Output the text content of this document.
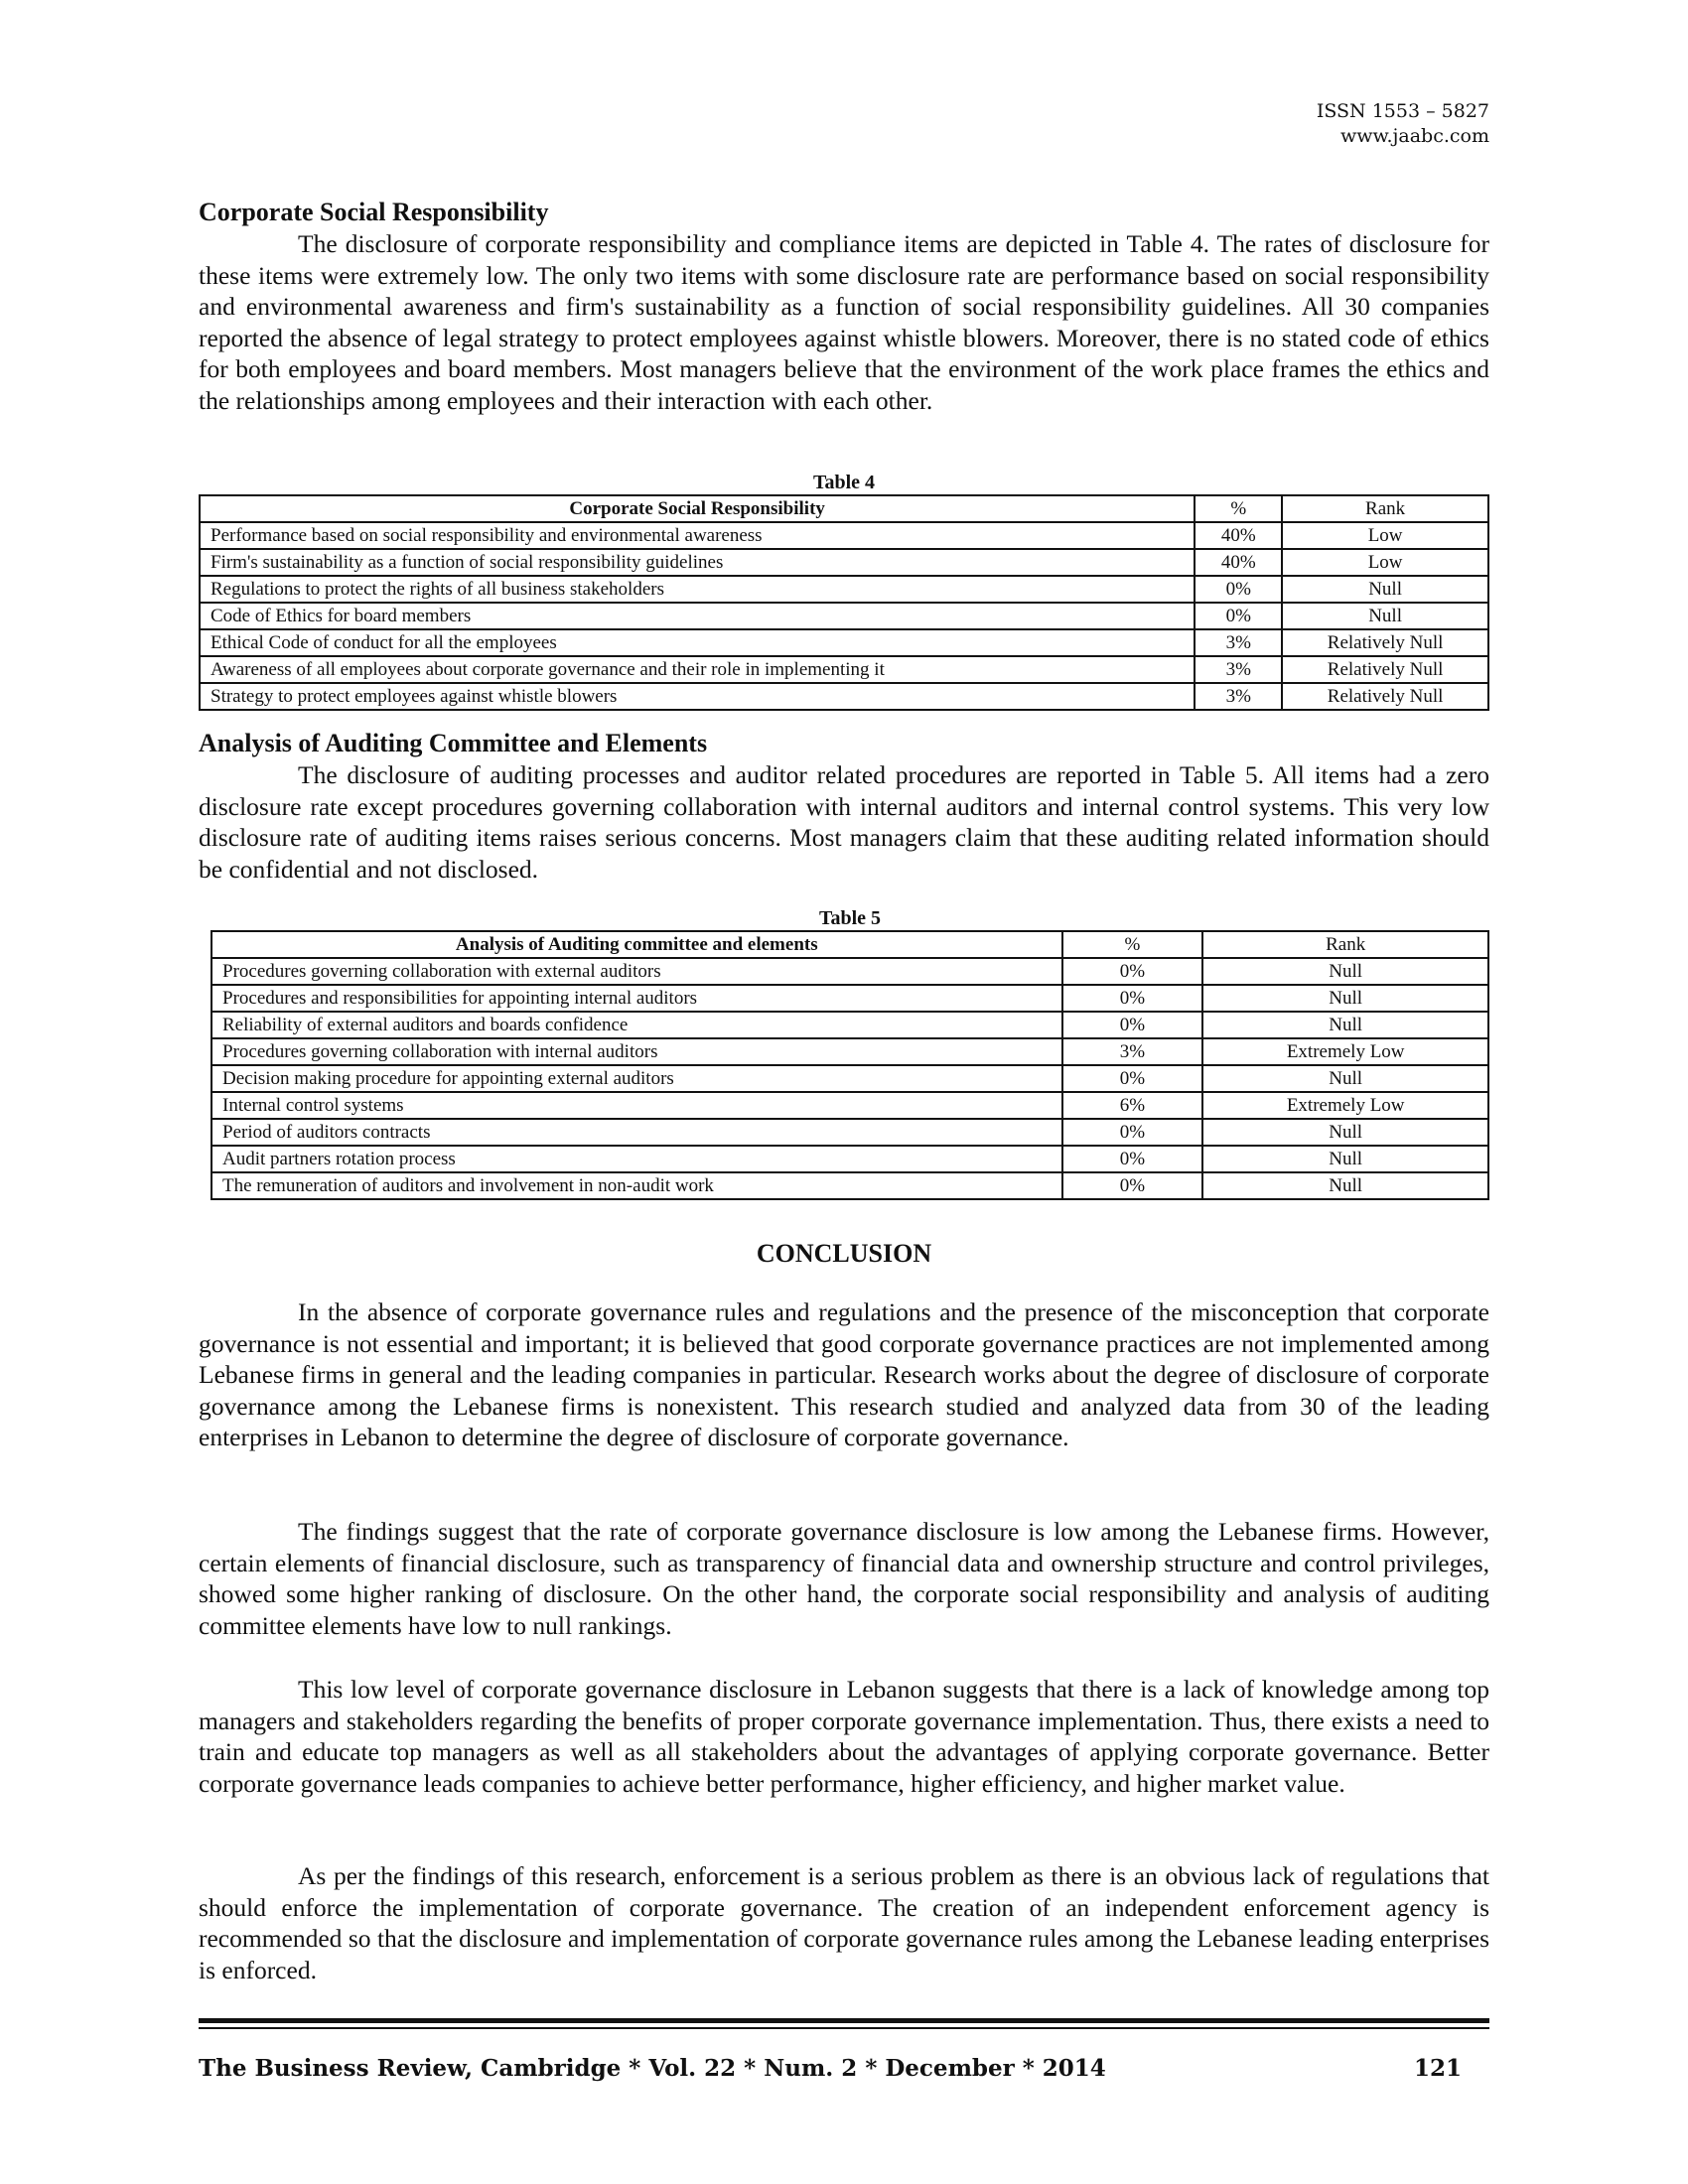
ISSN 1553 – 5827
www.jaabc.com
Corporate Social Responsibility

The disclosure of corporate responsibility and compliance items are depicted in Table 4. The rates of disclosure for these items were extremely low. The only two items with some disclosure rate are performance based on social responsibility and environmental awareness and firm's sustainability as a function of social responsibility guidelines. All 30 companies reported the absence of legal strategy to protect employees against whistle blowers. Moreover, there is no stated code of ethics for both employees and board members. Most managers believe that the environment of the work place frames the ethics and the relationships among employees and their interaction with each other.

Table 4
Corporate Social Responsibility	%	Rank
Performance based on social responsibility and environmental awareness	40%	Low
Firm's sustainability as a function of social responsibility guidelines	40%	Low
Regulations to protect the rights of all business stakeholders	0%	Null
Code of Ethics for board members	0%	Null
Ethical Code of conduct for all the employees	3%	Relatively Null
Awareness of all employees about corporate governance and their role in implementing it	3%	Relatively Null
Strategy to protect employees against whistle blowers	3%	Relatively Null
Analysis of Auditing Committee and Elements

The disclosure of auditing processes and auditor related procedures are reported in Table 5. All items had a zero disclosure rate except procedures governing collaboration with internal auditors and internal control systems. This very low disclosure rate of auditing items raises serious concerns. Most managers claim that these auditing related information should be confidential and not disclosed.

Table 5
Analysis of Auditing committee and elements	%	Rank
Procedures governing collaboration with external auditors	0%	Null
Procedures and responsibilities for appointing internal auditors	0%	Null
Reliability of external auditors and boards confidence	0%	Null
Procedures governing collaboration with internal auditors	3%	Extremely Low
Decision making procedure for appointing external auditors	0%	Null
Internal control systems	6%	Extremely Low
Period of auditors contracts	0%	Null
Audit partners rotation process	0%	Null
The remuneration of auditors and involvement in non-audit work	0%	Null
CONCLUSION

In the absence of corporate governance rules and regulations and the presence of the misconception that corporate governance is not essential and important; it is believed that good corporate governance practices are not implemented among Lebanese firms in general and the leading companies in particular. Research works about the degree of disclosure of corporate governance among the Lebanese firms is nonexistent. This research studied and analyzed data from 30 of the leading enterprises in Lebanon to determine the degree of disclosure of corporate governance.

The findings suggest that the rate of corporate governance disclosure is low among the Lebanese firms. However, certain elements of financial disclosure, such as transparency of financial data and ownership structure and control privileges, showed some higher ranking of disclosure. On the other hand, the corporate social responsibility and analysis of auditing committee elements have low to null rankings.

This low level of corporate governance disclosure in Lebanon suggests that there is a lack of knowledge among top managers and stakeholders regarding the benefits of proper corporate governance implementation. Thus, there exists a need to train and educate top managers as well as all stakeholders about the advantages of applying corporate governance. Better corporate governance leads companies to achieve better performance, higher efficiency, and higher market value.

As per the findings of this research, enforcement is a serious problem as there is an obvious lack of regulations that should enforce the implementation of corporate governance. The creation of an independent enforcement agency is recommended so that the disclosure and implementation of corporate governance rules among the Lebanese leading enterprises is enforced.

The Business Review, Cambridge * Vol. 22 * Num. 2 * December * 2014	121
